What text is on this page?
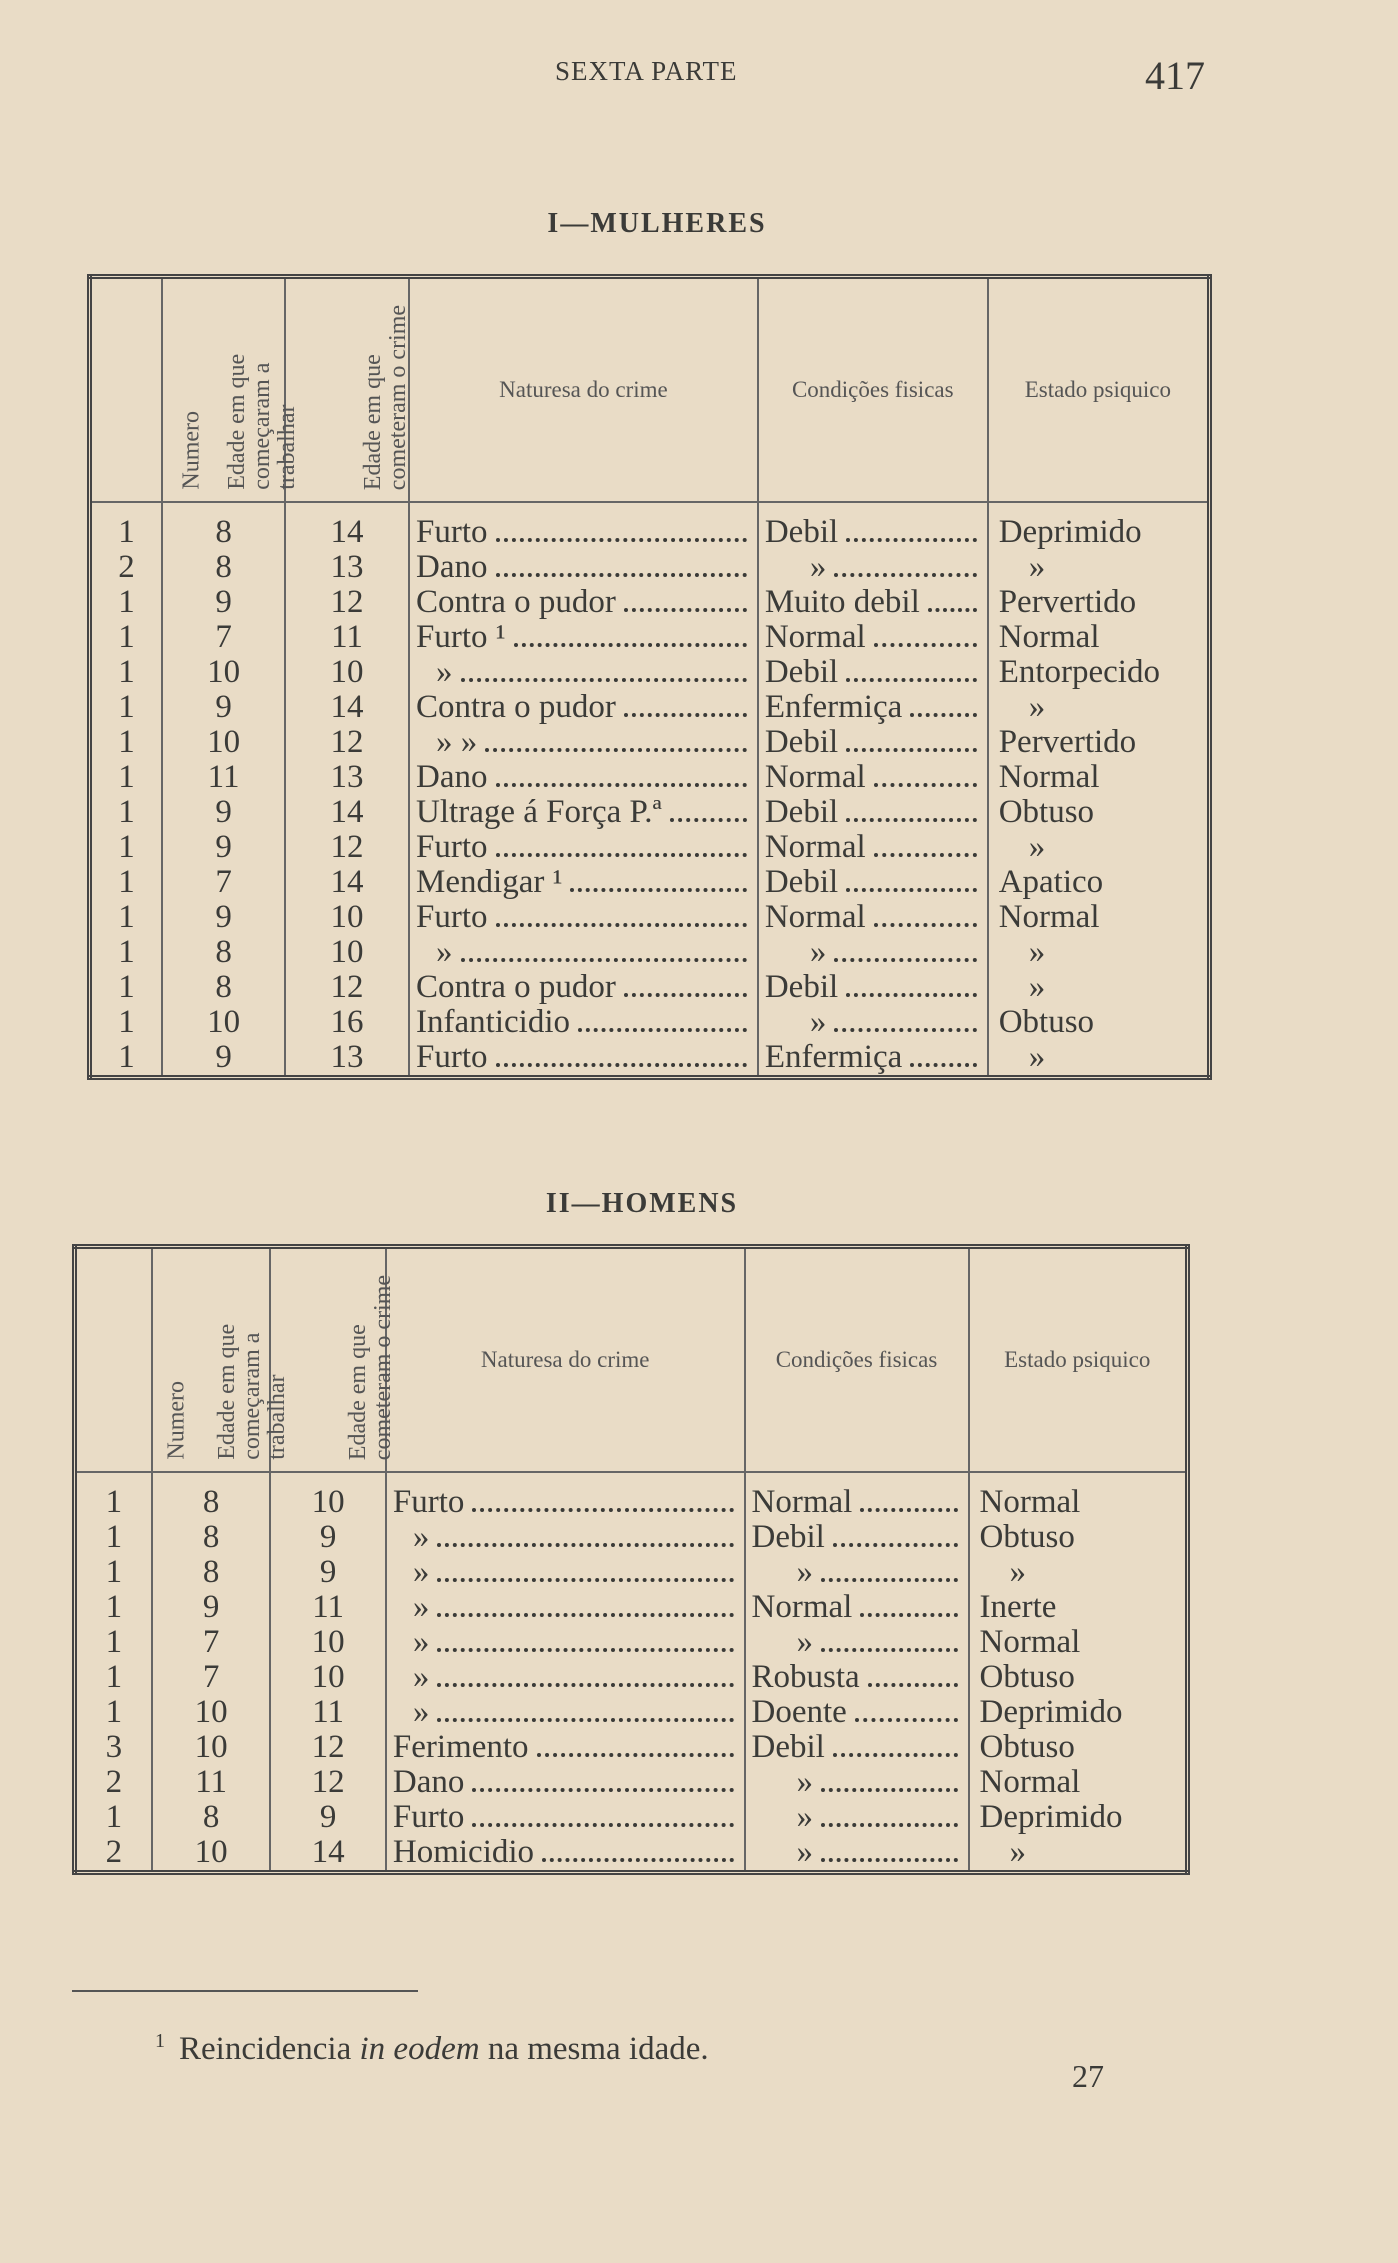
SEXTA PARTE	417
I—MULHERES
Numero	Edade em que começaram a trabalhar	Edade em que cometeram o crime	Naturesa do crime	Condições fisicas	Estado psiquico

1	8	14	Furto	Debil	Deprimido
2	8	13	Dano	»	»
1	9	12	Contra o pudor	Muito debil	Pervertido
1	7	11	Furto ¹	Normal	Normal
1	10	10	»	Debil	Entorpecido
1	9	14	Contra o pudor	Enfermiça	»
1	10	12	» »	Debil	Pervertido
1	11	13	Dano	Normal	Normal
1	9	14	Ultrage á Força P.ª	Debil	Obtuso
1	9	12	Furto	Normal	»
1	7	14	Mendigar ¹	Debil	Apatico
1	9	10	Furto	Normal	Normal
1	8	10	»	»	»
1	8	12	Contra o pudor	Debil	»
1	10	16	Infanticidio	»	Obtuso
1	9	13	Furto	Enfermiça	»
II—HOMENS
Numero	Edade em que começaram a trabalhar	Edade em que cometeram o crime	Naturesa do crime	Condições fisicas	Estado psiquico

1	8	10	Furto	Normal	Normal
1	8	9	»	Debil	Obtuso
1	8	9	»	»	»
1	9	11	»	Normal	Inerte
1	7	10	»	»	Normal
1	7	10	»	Robusta	Obtuso
1	10	11	»	Doente	Deprimido
3	10	12	Ferimento	Debil	Obtuso
2	11	12	Dano	»	Normal
1	8	9	Furto	»	Deprimido
2	10	14	Homicidio	»	»
$^1$ Reincidencia in eodem na mesma idade.
27
